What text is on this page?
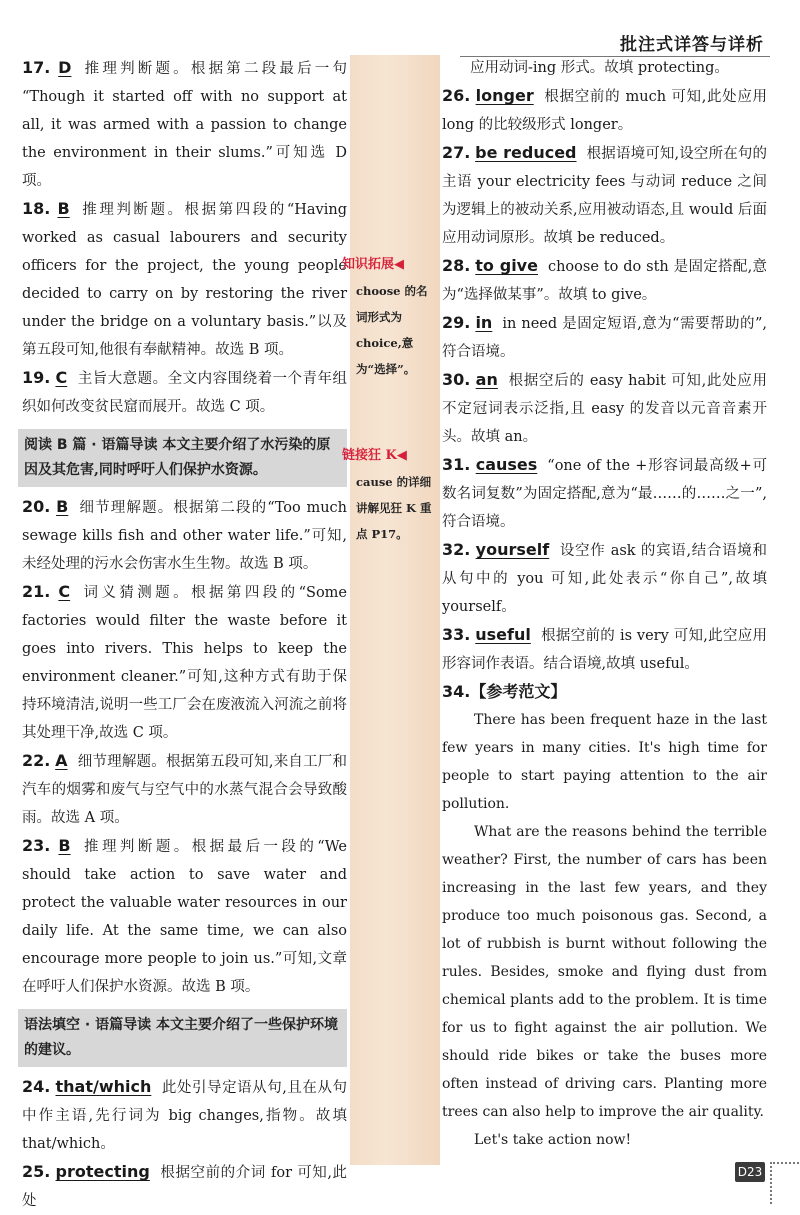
批注式详答与详析
17. D 推理判断题。根据第二段最后一句 “Though it started off with no support at all, it was armed with a passion to change the environment in their slums.”可知选 D 项。
18. B 推理判断题。根据第四段的“Having worked as casual labourers and security officers for the project, the young people decided to carry on by restoring the river under the bridge on a voluntary basis.”以及第五段可知,他很有奉献精神。故选 B 项。
19. C 主旨大意题。全文内容围绕着一个青年组织如何改变贫民窟而展开。故选 C 项。
阅读 B 篇 · 语篇导读 本文主要介绍了水污染的原因及其危害,同时呼吁人们保护水资源。
20. B 细节理解题。根据第二段的“Too much sewage kills fish and other water life.”可知,未经处理的污水会伤害水生生物。故选 B 项。
21. C 词义猜测题。根据第四段的“Some factories would filter the waste before it goes into rivers. This helps to keep the environment cleaner.”可知,这种方式有助于保持环境清洁,说明一些工厂会在废液流入河流之前将其处理干净,故选 C 项。
22. A 细节理解题。根据第五段可知,来自工厂和汽车的烟雾和废气与空气中的水蒸气混合会导致酸雨。故选 A 项。
23. B 推理判断题。根据最后一段的“We should take action to save water and protect the valuable water resources in our daily life. At the same time, we can also encourage more people to join us.”可知,文章在呼吁人们保护水资源。故选 B 项。
语法填空 · 语篇导读 本文主要介绍了一些保护环境的建议。
24. that/which 此处引导定语从句,且在从句中作主语,先行词为 big changes,指物。故填 that/which。
25. protecting 根据空前的介词 for 可知,此处
知识拓展◀
choose 的名词形式为 choice,意为“选择”。
链接狂 K◀
cause 的详细讲解见狂 K 重点 P17。
应用动词-ing 形式。故填 protecting。
26. longer 根据空前的 much 可知,此处应用 long 的比较级形式 longer。
27. be reduced 根据语境可知,设空所在句的主语 your electricity fees 与动词 reduce 之间为逻辑上的被动关系,应用被动语态,且 would 后面应用动词原形。故填 be reduced。
28. to give choose to do sth 是固定搭配,意为“选择做某事”。故填 to give。
29. in in need 是固定短语,意为“需要帮助的”,符合语境。
30. an 根据空后的 easy habit 可知,此处应用不定冠词表示泛指,且 easy 的发音以元音音素开头。故填 an。
31. causes “one of the +形容词最高级+可数名词复数”为固定搭配,意为“最……的……之一”,符合语境。
32. yourself 设空作 ask 的宾语,结合语境和从句中的 you 可知,此处表示“你自己”,故填 yourself。
33. useful 根据空前的 is very 可知,此空应用形容词作表语。结合语境,故填 useful。
34.【参考范文】

There has been frequent haze in the last few years in many cities. It's high time for people to start paying attention to the air pollution.

What are the reasons behind the terrible weather? First, the number of cars has been increasing in the last few years, and they produce too much poisonous gas. Second, a lot of rubbish is burnt without following the rules. Besides, smoke and flying dust from chemical plants add to the problem. It is time for us to fight against the air pollution. We should ride bikes or take the buses more often instead of driving cars. Planting more trees can also help to improve the air quality.

Let's take action now!

D23
